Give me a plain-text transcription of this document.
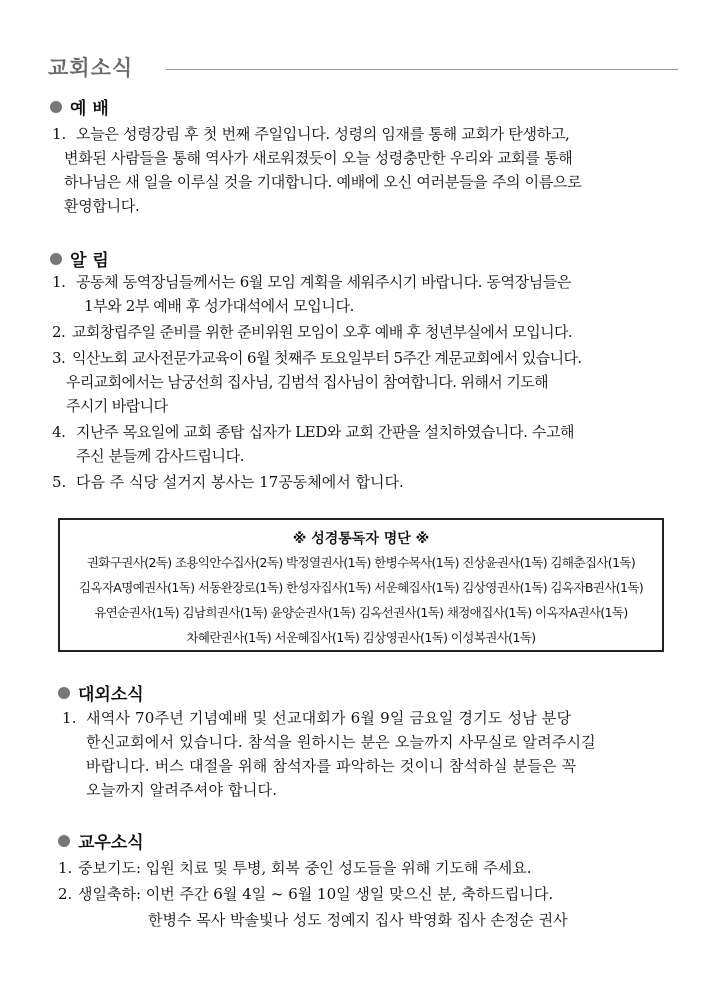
교회소식
예 배
1. 오늘은 성령강림 후 첫 번째 주일입니다. 성령의 임재를 통해 교회가 탄생하고,
변화된 사람들을 통해 역사가 새로워졌듯이 오늘 성령충만한 우리와 교회를 통해
하나님은 새 일을 이루실 것을 기대합니다. 예배에 오신 여러분들을 주의 이름으로
환영합니다.
알 림
1. 공동체 동역장님들께서는 6월 모임 계획을 세워주시기 바랍니다. 동역장님들은
1부와 2부 예배 후 성가대석에서 모입니다.
2. 교회창립주일 준비를 위한 준비위원 모임이 오후 예배 후 청년부실에서 모입니다.
3. 익산노회 교사전문가교육이 6월 첫째주 토요일부터 5주간 계문교회에서 있습니다.
우리교회에서는 남궁선희 집사님, 김범석 집사님이 참여합니다. 위해서 기도해
주시기 바랍니다
4. 지난주 목요일에 교회 종탑 십자가 LED와 교회 간판을 설치하였습니다. 수고해
주신 분들께 감사드립니다.
5. 다음 주 식당 설거지 봉사는 17공동체에서 합니다.
※ 성경통독자 명단 ※
권화구권사(2독) 조용익안수집사(2독) 박정열권사(1독) 한병수목사(1독) 진상윤권사(1독) 김해춘집사(1독)
김옥자A명예권사(1독) 서동완장로(1독) 한성자집사(1독) 서운혜집사(1독) 김상영권사(1독) 김옥자B권사(1독)
유연순권사(1독) 김남희권사(1독) 윤양순권사(1독) 김옥선권사(1독) 채정애집사(1독) 이옥자A권사(1독)
차혜란권사(1독) 서운혜집사(1독) 김상영권사(1독) 이성복권사(1독)
대외소식
1. 새역사 70주년 기념예배 및 선교대회가 6월 9일 금요일 경기도 성남 분당
한신교회에서 있습니다. 참석을 원하시는 분은 오늘까지 사무실로 알려주시길
바랍니다. 버스 대절을 위해 참석자를 파악하는 것이니 참석하실 분들은 꼭
오늘까지 알려주셔야 합니다.
교우소식
1. 중보기도: 입원 치료 및 투병, 회복 중인 성도들을 위해 기도해 주세요.
2. 생일축하: 이번 주간 6월 4일 ~ 6월 10일 생일 맞으신 분, 축하드립니다.
한병수 목사 박솔빛나 성도 정예지 집사 박영화 집사 손정순 권사
